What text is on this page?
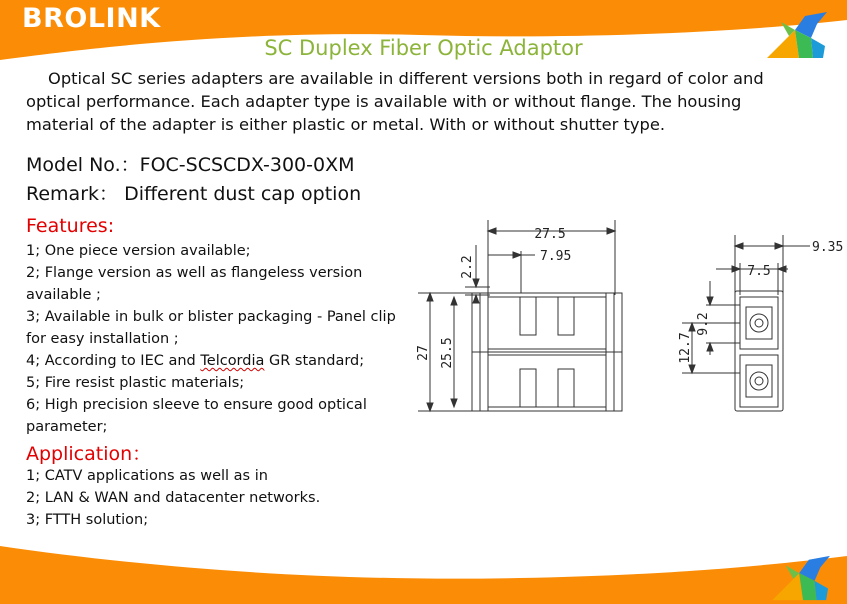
BROLINK
SC Duplex Fiber Optic Adaptor
Optical SC series adapters are available in different versions both in regard of color and
optical performance. Each adapter type is available with or without flange. The housing
material of the adapter is either plastic or metal. With or without shutter type.
Model No.：FOC-SCSCDX-300-0XM
Remark： Different dust cap option
Features:
1; One piece version available;
2; Flange version as well as flangeless version
available ;
3; Available in bulk or blister packaging - Panel clip
for easy installation ;
4; According to IEC and Telcordia GR standard;
5; Fire resist plastic materials;
6; High precision sleeve to ensure good optical
parameter;
Application：
1; CATV applications as well as in
2; LAN & WAN and datacenter networks.
3; FTTH solution;
27.5
7.95
2.2
27 25.5
9.35
7.5
12.7
9.2
